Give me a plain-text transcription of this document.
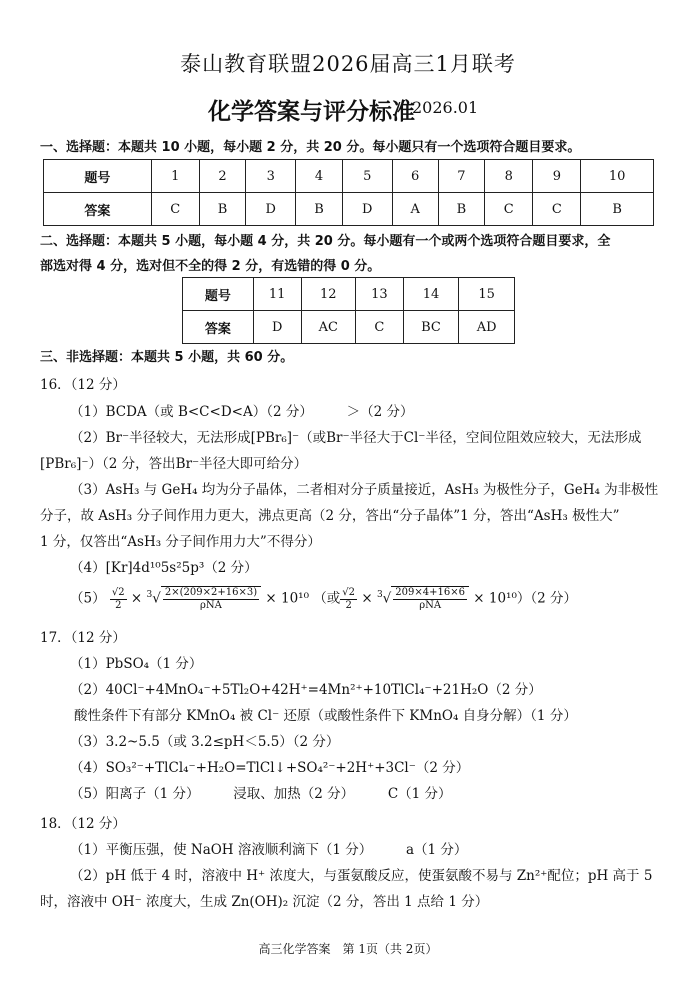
泰山教育联盟2026届高三1月联考
化学答案与评分标准
2026.01
一、选择题：本题共 10 小题，每小题 2 分，共 20 分。每小题只有一个选项符合题目要求。
题号	1	2	3	4	5	6	7	8	9	10
答案	C	B	D	B	D	A	B	C	C	B
二、选择题：本题共 5 小题，每小题 4 分，共 20 分。每小题有一个或两个选项符合题目要求，全
部选对得 4 分，选对但不全的得 2 分，有选错的得 0 分。
题号	11	12	13	14	15
答案	D	AC	C	BC	AD
三、非选择题：本题共 5 小题，共 60 分。
16．（12 分）
（1）BCDA（或 B<C<D<A）（2 分）　　　＞（2 分）
（2）Br⁻半径较大，无法形成[PBr₆]⁻（或Br⁻半径大于Cl⁻半径，空间位阻效应较大，无法形成
[PBr₆]⁻）（2 分，答出Br⁻半径大即可给分）
（3）AsH₃ 与 GeH₄ 均为分子晶体，二者相对分子质量接近，AsH₃ 为极性分子，GeH₄ 为非极性
分子，故 AsH₃ 分子间作用力更大，沸点更高（2 分，答出“分子晶体”1 分，答出“AsH₃ 极性大”
1 分，仅答出“AsH₃ 分子间作用力大”不得分）
（4）[Kr]4d¹⁰5s²5p³（2 分）
$(5) \frac{√2}{2} \times ^3√ \frac{2\times(209\times 2+16\times 3)}{\text{ρNA}} \times 10^{10}$ （或 $\frac{√2}{2} \times ^3√ \frac{209\times 4+16\times 6}{\text{ρNA}} \times 10^{10})(2$ 分）
17．（12 分）
（1）PbSO₄（1 分）
（2）40Cl⁻+4MnO₄⁻+5Tl₂O+42H⁺=4Mn²⁺+10TlCl₄⁻+21H₂O（2 分）
酸性条件下有部分 KMnO₄ 被 Cl⁻ 还原（或酸性条件下 KMnO₄ 自身分解）（1 分）
（3）3.2~5.5（或 3.2≤pH＜5.5）（2 分）
（4）SO₃²⁻+TlCl₄⁻+H₂O=TlCl↓+SO₄²⁻+2H⁺+3Cl⁻（2 分）
（5）阳离子（1 分）　　　浸取、加热（2 分）　　　C（1 分）
18．（12 分）
（1）平衡压强，使 NaOH 溶液顺利滴下（1 分）　　　a（1 分）
（2）pH 低于 4 时，溶液中 H⁺ 浓度大，与蛋氨酸反应，使蛋氨酸不易与 Zn²⁺配位；pH 高于 5
时，溶液中 OH⁻ 浓度大，生成 Zn(OH)₂ 沉淀（2 分，答出 1 点给 1 分）
高三化学答案　第 1页（共 2页）
